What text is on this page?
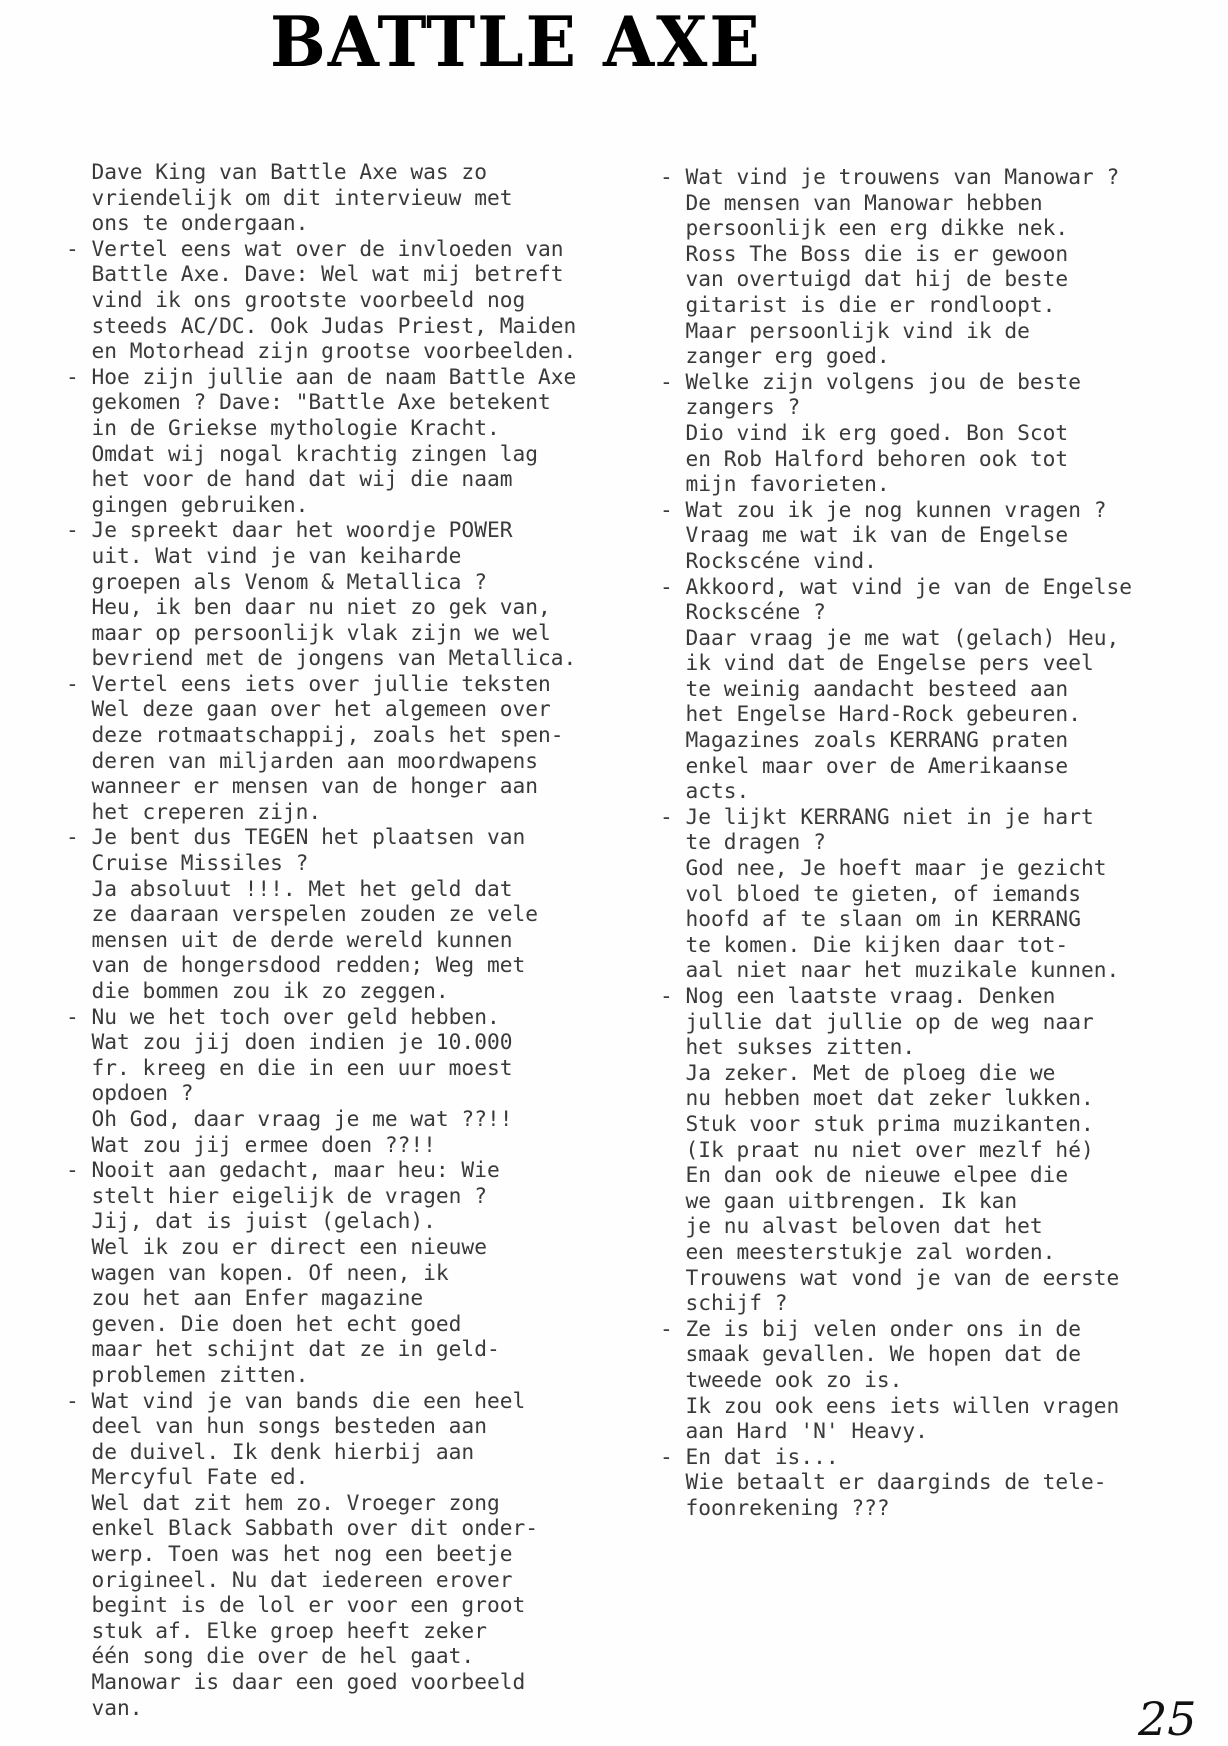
BATTLE AXE
Dave King van Battle Axe was zo
vriendelijk om dit intervieuw met
ons te ondergaan.
- Vertel eens wat over de invloeden van
Battle Axe. Dave: Wel wat mij betreft
vind ik ons grootste voorbeeld nog
steeds AC/DC. Ook Judas Priest, Maiden
en Motorhead zijn grootse voorbeelden.
- Hoe zijn jullie aan de naam Battle Axe
gekomen ? Dave: "Battle Axe betekent
in de Griekse mythologie Kracht.
Omdat wij nogal krachtig zingen lag
het voor de hand dat wij die naam
gingen gebruiken.
- Je spreekt daar het woordje POWER
uit. Wat vind je van keiharde
groepen als Venom & Metallica ?
Heu, ik ben daar nu niet zo gek van,
maar op persoonlijk vlak zijn we wel
bevriend met de jongens van Metallica.
- Vertel eens iets over jullie teksten
Wel deze gaan over het algemeen over
deze rotmaatschappij, zoals het spen-
deren van miljarden aan moordwapens
wanneer er mensen van de honger aan
het creperen zijn.
- Je bent dus TEGEN het plaatsen van
Cruise Missiles ?
Ja absoluut !!!. Met het geld dat
ze daaraan verspelen zouden ze vele
mensen uit de derde wereld kunnen
van de hongersdood redden; Weg met
die bommen zou ik zo zeggen.
- Nu we het toch over geld hebben.
Wat zou jij doen indien je 10.000
fr. kreeg en die in een uur moest
opdoen ?
Oh God, daar vraag je me wat ??!!
Wat zou jij ermee doen ??!!
- Nooit aan gedacht, maar heu: Wie
stelt hier eigelijk de vragen ?
Jij, dat is juist (gelach).
Wel ik zou er direct een nieuwe
wagen van kopen. Of neen, ik
zou het aan Enfer magazine
geven. Die doen het echt goed
maar het schijnt dat ze in geld-
problemen zitten.
- Wat vind je van bands die een heel
deel van hun songs besteden aan
de duivel. Ik denk hierbij aan
Mercyful Fate ed.
Wel dat zit hem zo. Vroeger zong
enkel Black Sabbath over dit onder-
werp. Toen was het nog een beetje
origineel. Nu dat iedereen erover
begint is de lol er voor een groot
stuk af. Elke groep heeft zeker
één song die over de hel gaat.
Manowar is daar een goed voorbeeld
van.
- Wat vind je trouwens van Manowar ?
De mensen van Manowar hebben
persoonlijk een erg dikke nek.
Ross The Boss die is er gewoon
van overtuigd dat hij de beste
gitarist is die er rondloopt.
Maar persoonlijk vind ik de
zanger erg goed.
- Welke zijn volgens jou de beste
zangers ?
Dio vind ik erg goed. Bon Scot
en Rob Halford behoren ook tot
mijn favorieten.
- Wat zou ik je nog kunnen vragen ?
Vraag me wat ik van de Engelse
Rockscéne vind.
- Akkoord, wat vind je van de Engelse
Rockscéne ?
Daar vraag je me wat (gelach) Heu,
ik vind dat de Engelse pers veel
te weinig aandacht besteed aan
het Engelse Hard-Rock gebeuren.
Magazines zoals KERRANG praten
enkel maar over de Amerikaanse
acts.
- Je lijkt KERRANG niet in je hart
te dragen ?
God nee, Je hoeft maar je gezicht
vol bloed te gieten, of iemands
hoofd af te slaan om in KERRANG
te komen. Die kijken daar tot-
aal niet naar het muzikale kunnen.
- Nog een laatste vraag. Denken
jullie dat jullie op de weg naar
het sukses zitten.
Ja zeker. Met de ploeg die we
nu hebben moet dat zeker lukken.
Stuk voor stuk prima muzikanten.
(Ik praat nu niet over mezlf hé)
En dan ook de nieuwe elpee die
we gaan uitbrengen. Ik kan
je nu alvast beloven dat het
een meesterstukje zal worden.
Trouwens wat vond je van de eerste
schijf ?
- Ze is bij velen onder ons in de
smaak gevallen. We hopen dat de
tweede ook zo is.
Ik zou ook eens iets willen vragen
aan Hard 'N' Heavy.
- En dat is...
Wie betaalt er daarginds de tele-
foonrekening ???
25
